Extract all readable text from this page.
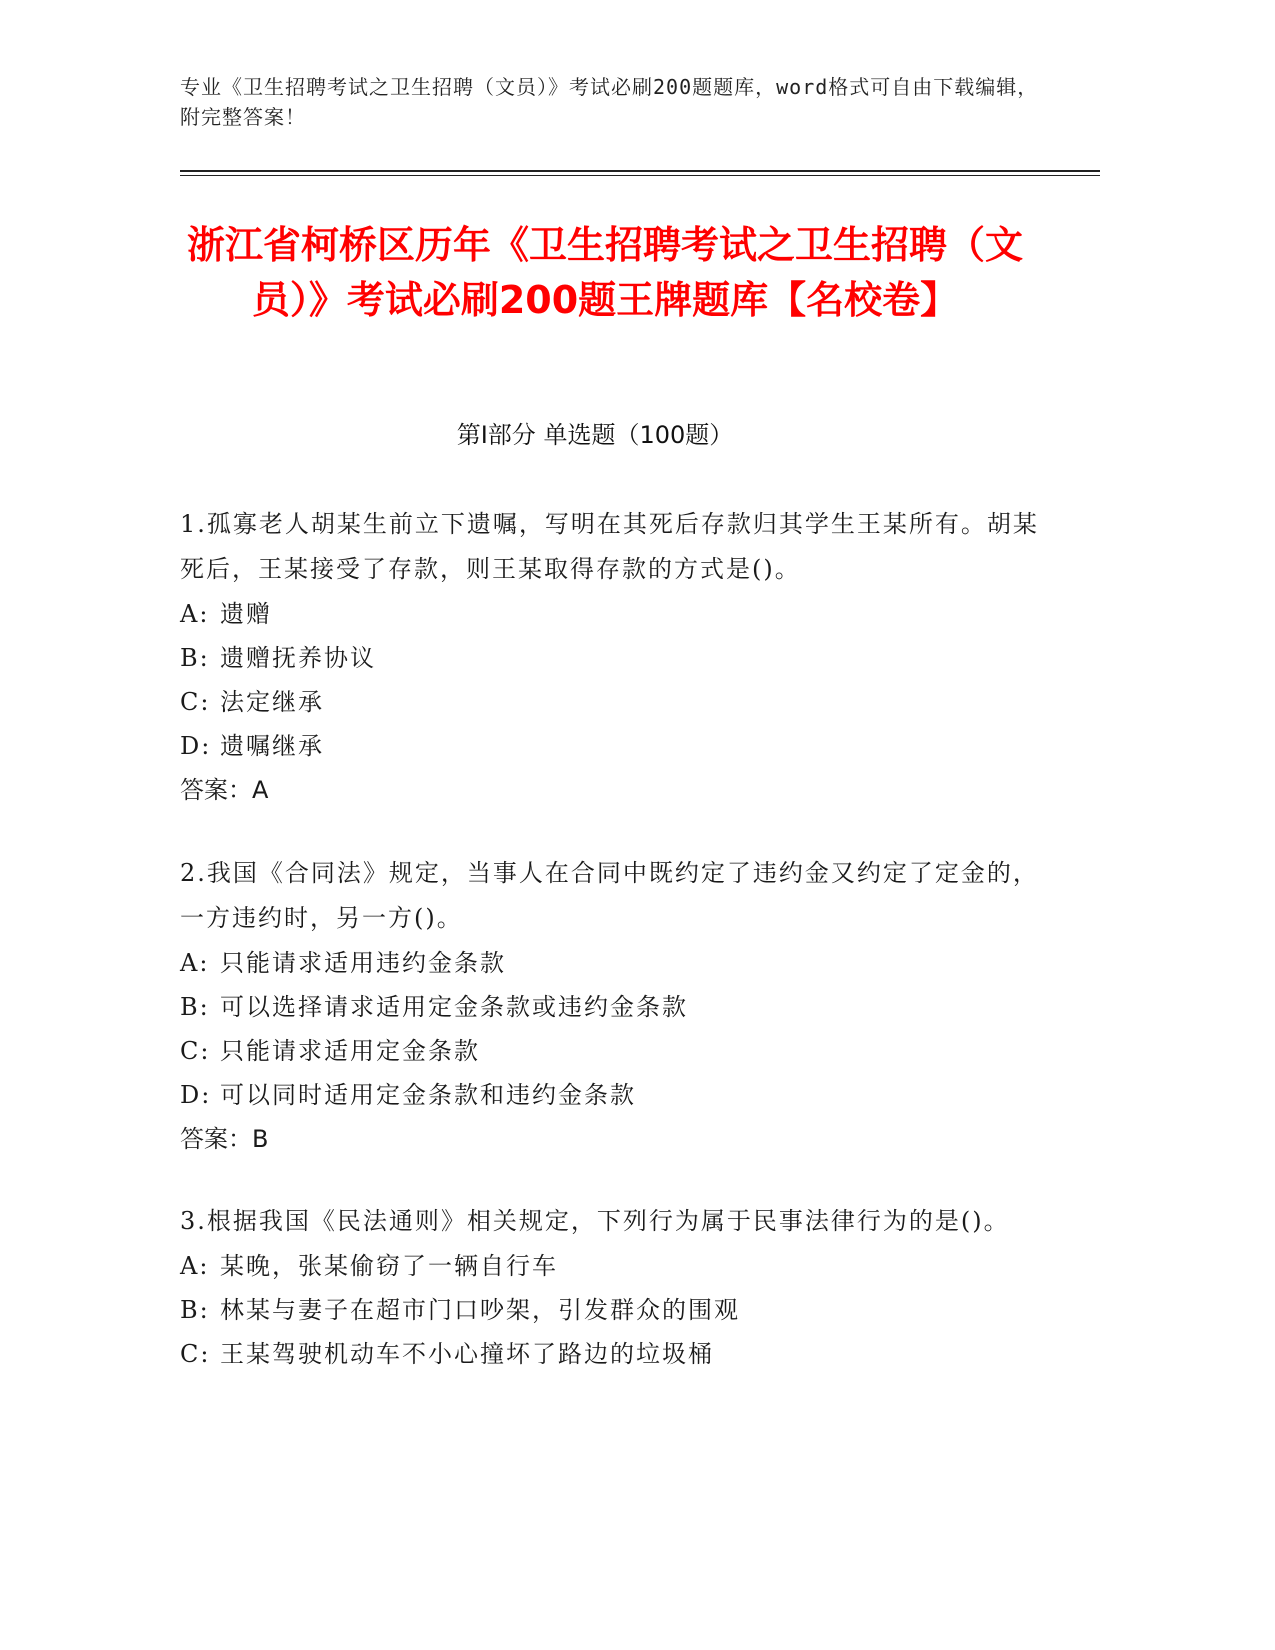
专业《卫生招聘考试之卫生招聘（文员）》考试必刷200题题库，word格式可自由下载编辑，附完整答案！
浙江省柯桥区历年《卫生招聘考试之卫生招聘（文员）》考试必刷200题王牌题库【名校卷】
第Ⅰ部分 单选题（100题）

1.孤寡老人胡某生前立下遗嘱，写明在其死后存款归其学生王某所有。胡某死后，王某接受了存款，则王某取得存款的方式是()。

A: 遗赠

B: 遗赠抚养协议

C: 法定继承

D: 遗嘱继承

答案：A

2.我国《合同法》规定，当事人在合同中既约定了违约金又约定了定金的，一方违约时，另一方()。

A: 只能请求适用违约金条款

B: 可以选择请求适用定金条款或违约金条款

C: 只能请求适用定金条款

D: 可以同时适用定金条款和违约金条款

答案：B

3.根据我国《民法通则》相关规定，下列行为属于民事法律行为的是()。

A: 某晚，张某偷窃了一辆自行车

B: 林某与妻子在超市门口吵架，引发群众的围观

C: 王某驾驶机动车不小心撞坏了路边的垃圾桶
